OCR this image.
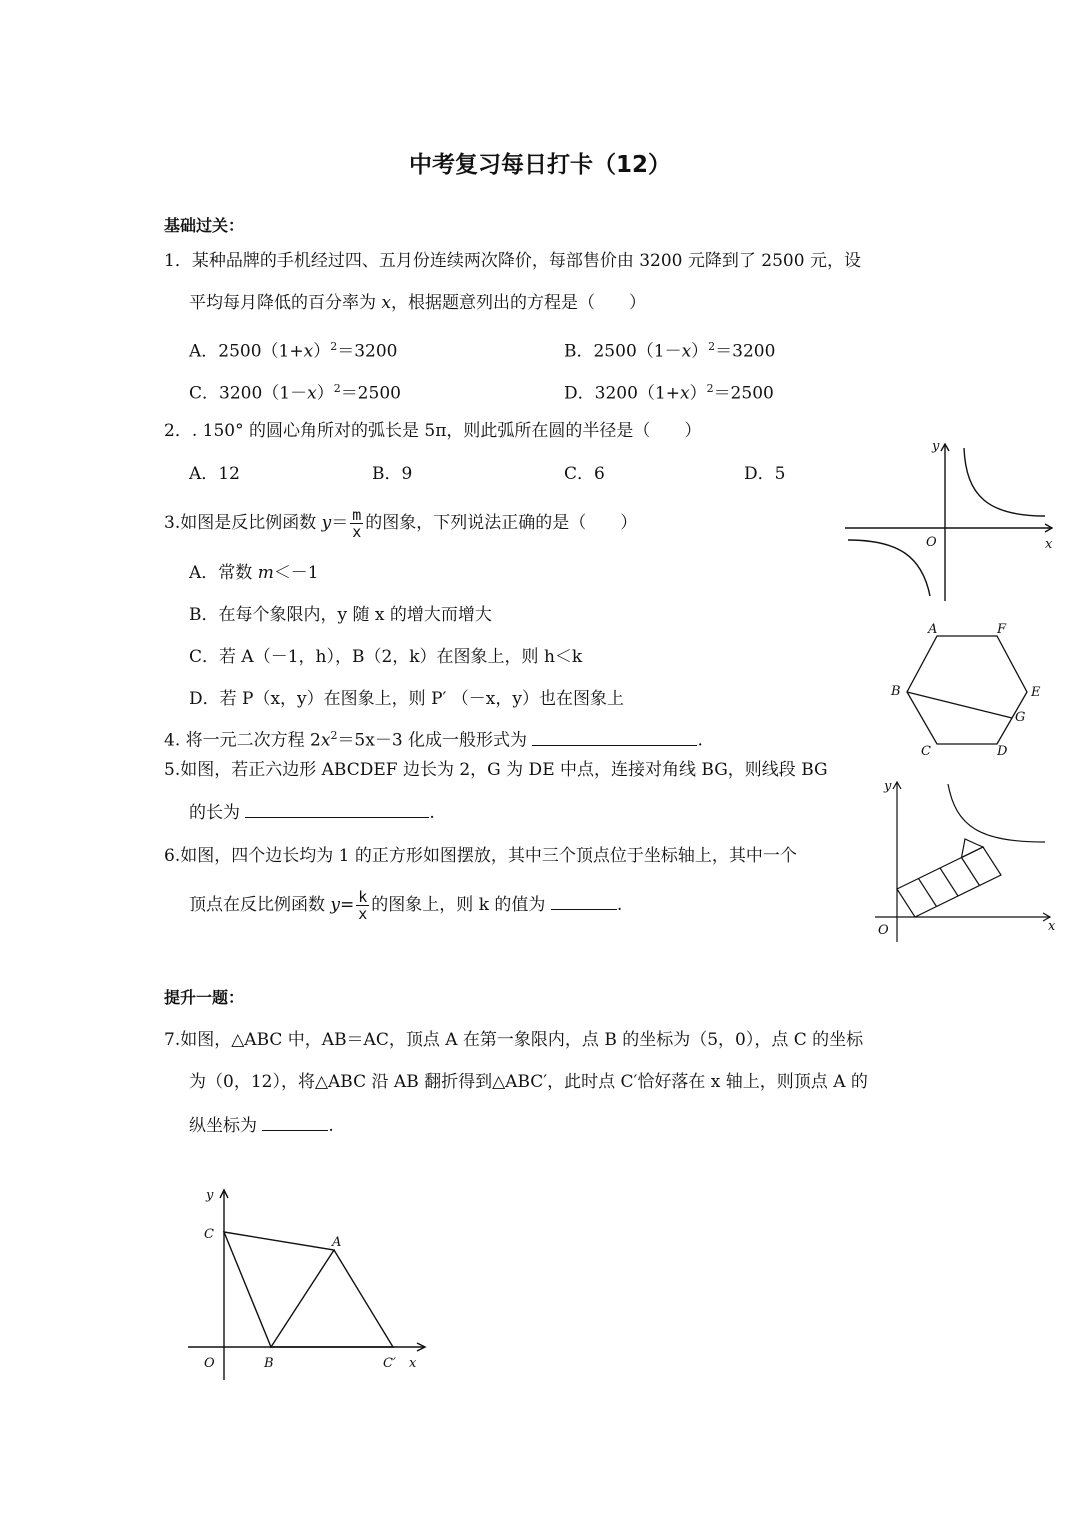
中考复习每日打卡（12）
基础过关：
1．某种品牌的手机经过四、五月份连续两次降价，每部售价由 3200 元降到了 2500 元，设
平均每月降低的百分率为 x，根据题意列出的方程是（　　）
A．$2500(1+x)^2=3200$	B．$2500(1-x)^2=3200$
C．$3200(1-x)^2=2500$	D．$3200(1+x)^2=2500$
2．. 150° 的圆心角所对的弧长是 5π，则此弧所在圆的半径是（　　）
A．12	B．9	C．6	D．5
3.如图是反比例函数 $y= \frac{m}{x}$ 的图象，下列说法正确的是（　　）
A．常数 m＜－1
B．在每个象限内，y 随 x 的增大而增大
C．若 A（－1，h），B（2，k）在图象上，则 h＜k
D．若 P（x，y）在图象上，则 P′ （－x，y）也在图象上
4. 将一元二次方程 $2x^2=5x-3$ 化成一般形式为	.
5.如图，若正六边形 ABCDEF 边长为 2，G 为 DE 中点，连接对角线 BG，则线段 BG
的长为	.
6.如图，四个边长均为 1 的正方形如图摆放，其中三个顶点位于坐标轴上，其中一个
顶点在反比例函数 $y= \frac{k}{x}$ 的图象上，则 k 的值为	.
提升一题：
7.如图，△ABC 中，AB＝AC，顶点 A 在第一象限内，点 B 的坐标为（5，0），点 C 的坐标
为（0，12），将△ABC 沿 AB 翻折得到△ABC′，此时点 C′恰好落在 x 轴上，则顶点 A 的
纵坐标为	.
y
x
O
A	F
B	E
G
C	D
y
x
O
y
x
O
C
A
B	C′
